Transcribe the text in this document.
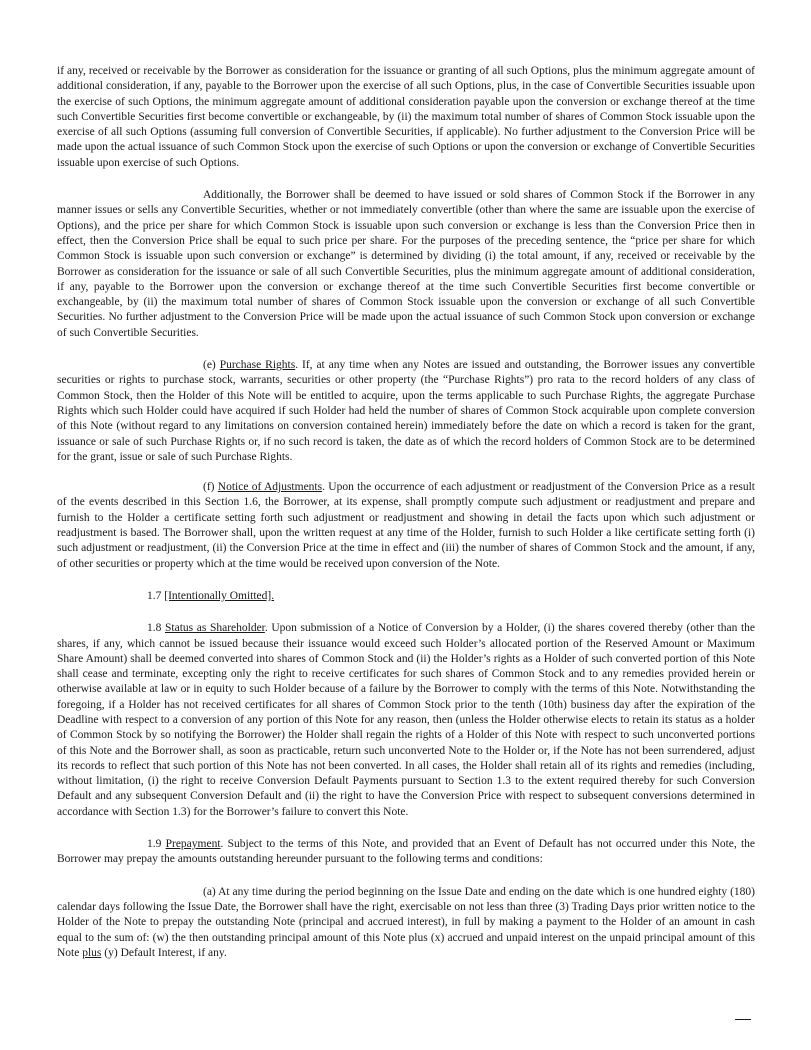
if any, received or receivable by the Borrower as consideration for the issuance or granting of all such Options, plus the minimum aggregate amount of additional consideration, if any, payable to the Borrower upon the exercise of all such Options, plus, in the case of Convertible Securities issuable upon the exercise of such Options, the minimum aggregate amount of additional consideration payable upon the conversion or exchange thereof at the time such Convertible Securities first become convertible or exchangeable, by (ii) the maximum total number of shares of Common Stock issuable upon the exercise of all such Options (assuming full conversion of Convertible Securities, if applicable). No further adjustment to the Conversion Price will be made upon the actual issuance of such Common Stock upon the exercise of such Options or upon the conversion or exchange of Convertible Securities issuable upon exercise of such Options.

Additionally, the Borrower shall be deemed to have issued or sold shares of Common Stock if the Borrower in any manner issues or sells any Convertible Securities, whether or not immediately convertible (other than where the same are issuable upon the exercise of Options), and the price per share for which Common Stock is issuable upon such conversion or exchange is less than the Conversion Price then in effect, then the Conversion Price shall be equal to such price per share. For the purposes of the preceding sentence, the “price per share for which Common Stock is issuable upon such conversion or exchange” is determined by dividing (i) the total amount, if any, received or receivable by the Borrower as consideration for the issuance or sale of all such Convertible Securities, plus the minimum aggregate amount of additional consideration, if any, payable to the Borrower upon the conversion or exchange thereof at the time such Convertible Securities first become convertible or exchangeable, by (ii) the maximum total number of shares of Common Stock issuable upon the conversion or exchange of all such Convertible Securities. No further adjustment to the Conversion Price will be made upon the actual issuance of such Common Stock upon conversion or exchange of such Convertible Securities.

(e) Purchase Rights. If, at any time when any Notes are issued and outstanding, the Borrower issues any convertible securities or rights to purchase stock, warrants, securities or other property (the “Purchase Rights”) pro rata to the record holders of any class of Common Stock, then the Holder of this Note will be entitled to acquire, upon the terms applicable to such Purchase Rights, the aggregate Purchase Rights which such Holder could have acquired if such Holder had held the number of shares of Common Stock acquirable upon complete conversion of this Note (without regard to any limitations on conversion contained herein) immediately before the date on which a record is taken for the grant, issuance or sale of such Purchase Rights or, if no such record is taken, the date as of which the record holders of Common Stock are to be determined for the grant, issue or sale of such Purchase Rights.

(f) Notice of Adjustments. Upon the occurrence of each adjustment or readjustment of the Conversion Price as a result of the events described in this Section 1.6, the Borrower, at its expense, shall promptly compute such adjustment or readjustment and prepare and furnish to the Holder a certificate setting forth such adjustment or readjustment and showing in detail the facts upon which such adjustment or readjustment is based. The Borrower shall, upon the written request at any time of the Holder, furnish to such Holder a like certificate setting forth (i) such adjustment or readjustment, (ii) the Conversion Price at the time in effect and (iii) the number of shares of Common Stock and the amount, if any, of other securities or property which at the time would be received upon conversion of the Note.

1.7 [Intentionally Omitted].

1.8 Status as Shareholder. Upon submission of a Notice of Conversion by a Holder, (i) the shares covered thereby (other than the shares, if any, which cannot be issued because their issuance would exceed such Holder’s allocated portion of the Reserved Amount or Maximum Share Amount) shall be deemed converted into shares of Common Stock and (ii) the Holder’s rights as a Holder of such converted portion of this Note shall cease and terminate, excepting only the right to receive certificates for such shares of Common Stock and to any remedies provided herein or otherwise available at law or in equity to such Holder because of a failure by the Borrower to comply with the terms of this Note. Notwithstanding the foregoing, if a Holder has not received certificates for all shares of Common Stock prior to the tenth (10th) business day after the expiration of the Deadline with respect to a conversion of any portion of this Note for any reason, then (unless the Holder otherwise elects to retain its status as a holder of Common Stock by so notifying the Borrower) the Holder shall regain the rights of a Holder of this Note with respect to such unconverted portions of this Note and the Borrower shall, as soon as practicable, return such unconverted Note to the Holder or, if the Note has not been surrendered, adjust its records to reflect that such portion of this Note has not been converted. In all cases, the Holder shall retain all of its rights and remedies (including, without limitation, (i) the right to receive Conversion Default Payments pursuant to Section 1.3 to the extent required thereby for such Conversion Default and any subsequent Conversion Default and (ii) the right to have the Conversion Price with respect to subsequent conversions determined in accordance with Section 1.3) for the Borrower’s failure to convert this Note.

1.9 Prepayment. Subject to the terms of this Note, and provided that an Event of Default has not occurred under this Note, the Borrower may prepay the amounts outstanding hereunder pursuant to the following terms and conditions:

(a) At any time during the period beginning on the Issue Date and ending on the date which is one hundred eighty (180) calendar days following the Issue Date, the Borrower shall have the right, exercisable on not less than three (3) Trading Days prior written notice to the Holder of the Note to prepay the outstanding Note (principal and accrued interest), in full by making a payment to the Holder of an amount in cash equal to the sum of: (w) the then outstanding principal amount of this Note plus (x) accrued and unpaid interest on the unpaid principal amount of this Note plus (y) Default Interest, if any.
